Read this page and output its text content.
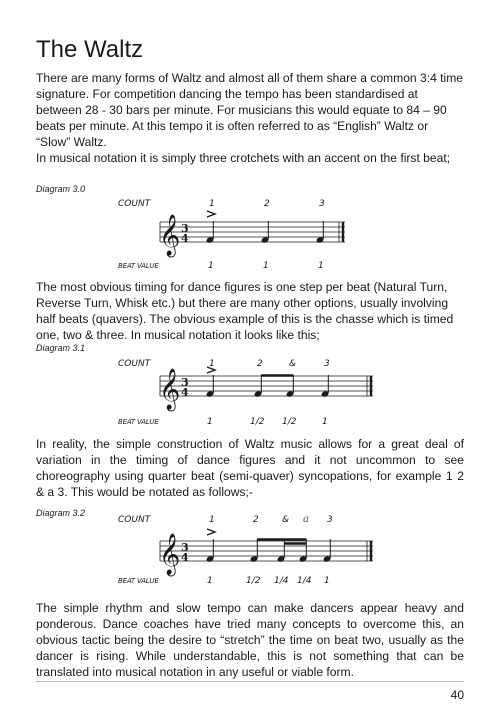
The Waltz

There are many forms of Waltz and almost all of them share a common 3:4 time signature. For competition dancing the tempo has been standardised at between 28 - 30 bars per minute. For musicians this would equate to 84 – 90 beats per minute. At this tempo it is often referred to as “English” Waltz or “Slow” Waltz.

In musical notation it is simply three crotchets with an accent on the first beat;

Diagram 3.0

COUNT	1	2	3
𝄞 3
4
BEAT VALUE	1	1	1

The most obvious timing for dance figures is one step per beat (Natural Turn, Reverse Turn, Whisk etc.) but there are many other options, usually involving half beats (quavers). The obvious example of this is the chasse which is timed one, two & three. In musical notation it looks like this;

Diagram 3.1

COUNT	1	2	&	3
𝄞 3
4
BEAT VALUE	1	1/2 1/2	1

In reality, the simple construction of Waltz music allows for a great deal of variation in the timing of dance figures and it not uncommon to see choreography using quarter beat (semi-quaver) syncopations, for example 1 2 & a 3. This would be notated as follows;-

Diagram 3.2

COUNT	1	2	& a 3
𝄞 3
4
BEAT VALUE	1	1/2 1/4 1/4 1

The simple rhythm and slow tempo can make dancers appear heavy and ponderous. Dance coaches have tried many concepts to overcome this, an obvious tactic being the desire to “stretch” the time on beat two, usually as the dancer is rising. While understandable, this is not something that can be translated into musical notation in any useful or viable form.

40
